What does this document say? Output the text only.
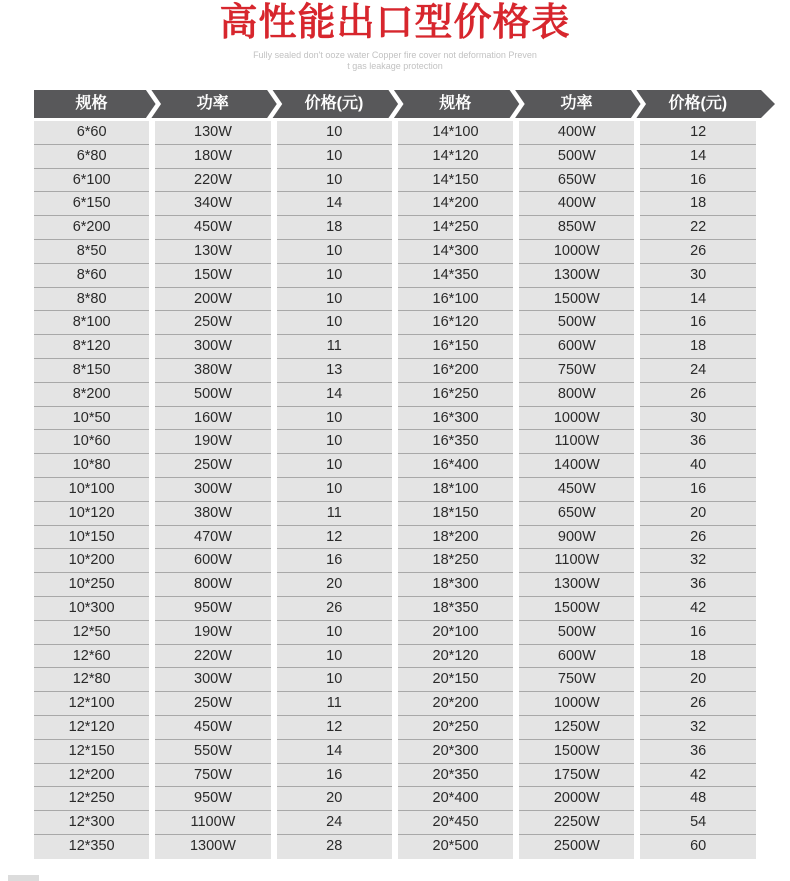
高性能出口型价格表
Fully sealed don't ooze water Copper fire cover not deformation Preven
t gas leakage protection
规格	功率	价格(元)	规格	功率	价格(元)
6*60	130W	10	14*100	400W	12
6*80	180W	10	14*120	500W	14
6*100	220W	10	14*150	650W	16
6*150	340W	14	14*200	400W	18
6*200	450W	18	14*250	850W	22
8*50	130W	10	14*300	1000W	26
8*60	150W	10	14*350	1300W	30
8*80	200W	10	16*100	1500W	14
8*100	250W	10	16*120	500W	16
8*120	300W	11	16*150	600W	18
8*150	380W	13	16*200	750W	24
8*200	500W	14	16*250	800W	26
10*50	160W	10	16*300	1000W	30
10*60	190W	10	16*350	1100W	36
10*80	250W	10	16*400	1400W	40
10*100	300W	10	18*100	450W	16
10*120	380W	11	18*150	650W	20
10*150	470W	12	18*200	900W	26
10*200	600W	16	18*250	1100W	32
10*250	800W	20	18*300	1300W	36
10*300	950W	26	18*350	1500W	42
12*50	190W	10	20*100	500W	16
12*60	220W	10	20*120	600W	18
12*80	300W	10	20*150	750W	20
12*100	250W	11	20*200	1000W	26
12*120	450W	12	20*250	1250W	32
12*150	550W	14	20*300	1500W	36
12*200	750W	16	20*350	1750W	42
12*250	950W	20	20*400	2000W	48
12*300	1100W	24	20*450	2250W	54
12*350	1300W	28	20*500	2500W	60
